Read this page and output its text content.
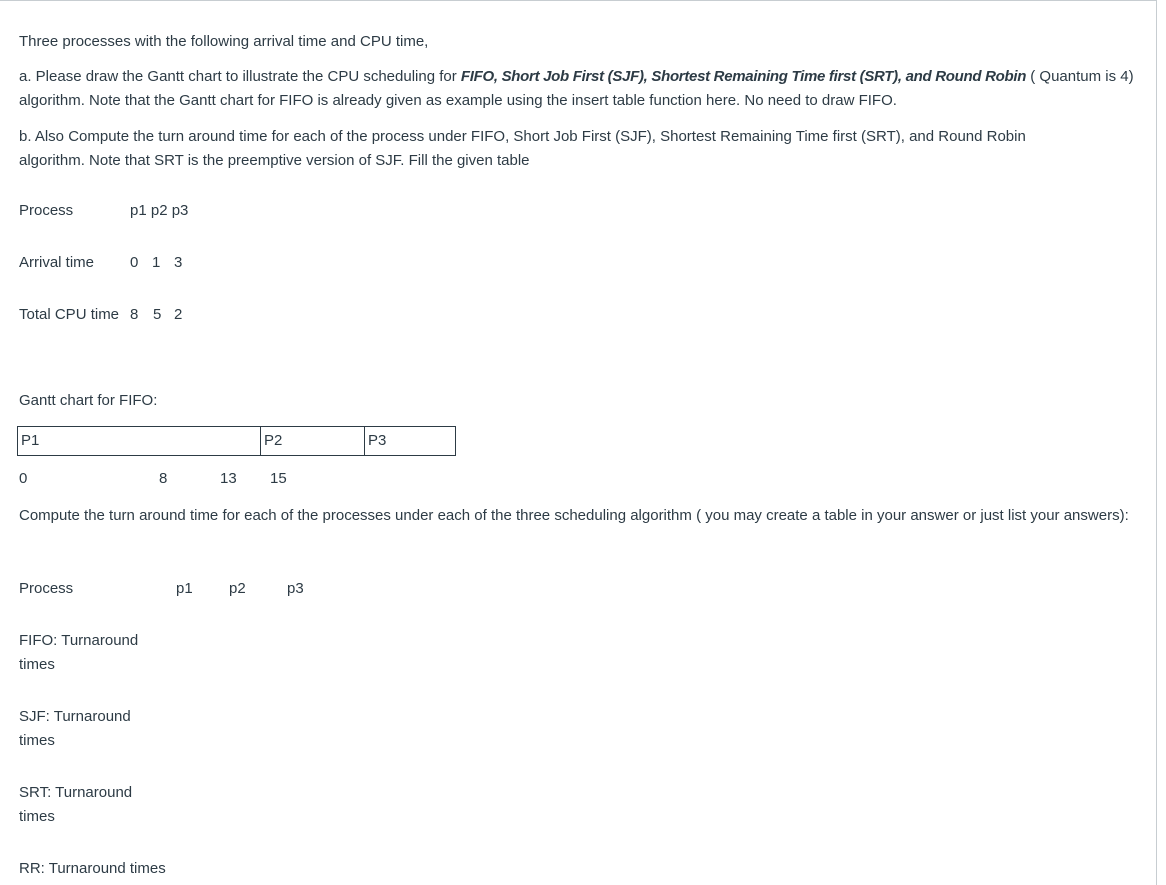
Three processes with the following arrival time and CPU time,
a. Please draw the Gantt chart to illustrate the CPU scheduling for FIFO, Short Job First (SJF), Shortest Remaining Time first (SRT), and Round Robin ( Quantum is 4)
algorithm. Note that the Gantt chart for FIFO is already given as example using the insert table function here. No need to draw FIFO.
b. Also Compute the turn around time for each of the process under FIFO, Short Job First (SJF), Shortest Remaining Time first (SRT), and Round Robin
algorithm. Note that SRT is the preemptive version of SJF. Fill the given table
Process	p1 p2 p3
Arrival time 0 1 3
Total CPU time 8 5 2
Gantt chart for FIFO:
P1	P2	P3
0	8	13 15
Compute the turn around time for each of the processes under each of the three scheduling algorithm ( you may create a table in your answer or just list your answers):
Process	p1 p2	p3
FIFO: Turnaround times
SJF: Turnaround times
SRT: Turnaround times
RR: Turnaround times
